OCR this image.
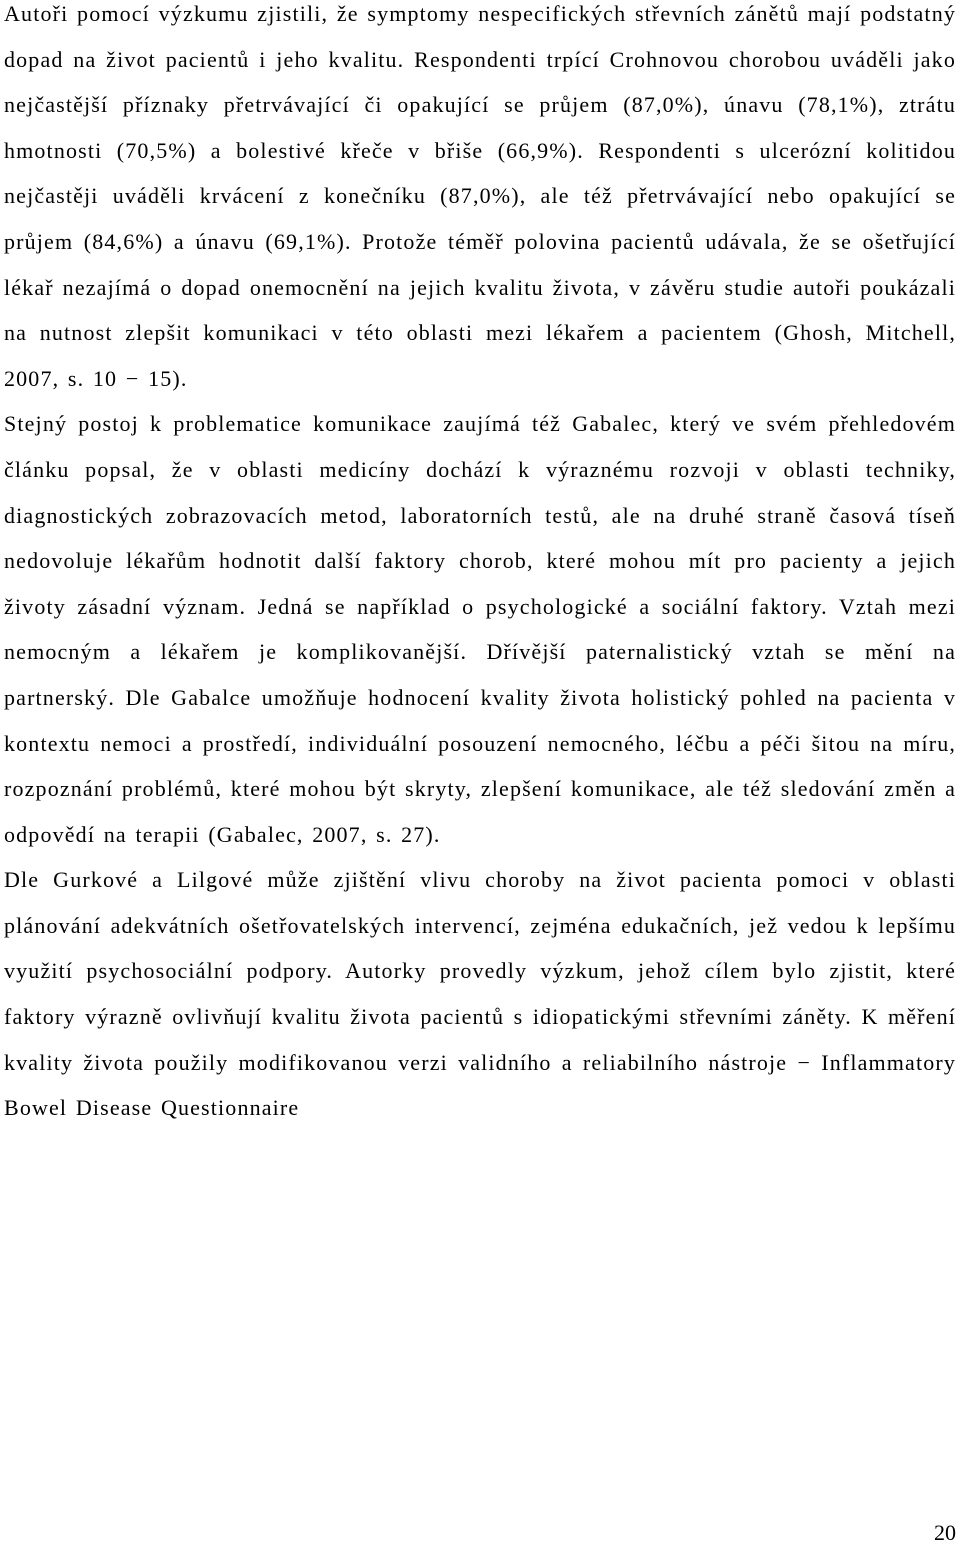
Autoři pomocí výzkumu zjistili, že symptomy nespecifických střevních zánětů mají podstatný dopad na život pacientů i jeho kvalitu. Respondenti trpící Crohnovou chorobou uváděli jako nejčastější příznaky přetrvávající či opakující se průjem (87,0%), únavu (78,1%), ztrátu hmotnosti (70,5%) a bolestivé křeče v břiše (66,9%). Respondenti s ulcerózní kolitidou nejčastěji uváděli krvácení z konečníku (87,0%), ale též přetrvávající nebo opakující se průjem (84,6%) a únavu (69,1%). Protože téměř polovina pacientů udávala, že se ošetřující lékař nezajímá o dopad onemocnění na jejich kvalitu života, v závěru studie autoři poukázali na nutnost zlepšit komunikaci v této oblasti mezi lékařem a pacientem (Ghosh, Mitchell, 2007, s. 10 − 15).

Stejný postoj k problematice komunikace zaujímá též Gabalec, který ve svém přehledovém článku popsal, že v oblasti medicíny dochází k výraznému rozvoji v oblasti techniky, diagnostických zobrazovacích metod, laboratorních testů, ale na druhé straně časová tíseň nedovoluje lékařům hodnotit další faktory chorob, které mohou mít pro pacienty a jejich životy zásadní význam. Jedná se například o psychologické a sociální faktory. Vztah mezi nemocným a lékařem je komplikovanější. Dřívější paternalistický vztah se mění na partnerský. Dle Gabalce umožňuje hodnocení kvality života holistický pohled na pacienta v kontextu nemoci a prostředí, individuální posouzení nemocného, léčbu a péči šitou na míru, rozpoznání problémů, které mohou být skryty, zlepšení komunikace, ale též sledování změn a odpovědí na terapii (Gabalec, 2007, s. 27).

Dle Gurkové a Lilgové může zjištění vlivu choroby na život pacienta pomoci v oblasti plánování adekvátních ošetřovatelských intervencí, zejména edukačních, jež vedou k lepšímu využití psychosociální podpory. Autorky provedly výzkum, jehož cílem bylo zjistit, které faktory výrazně ovlivňují kvalitu života pacientů s idiopatickými střevními záněty. K měření kvality života použily modifikovanou verzi validního a reliabilního nástroje − Inflammatory Bowel Disease Questionnaire

20
